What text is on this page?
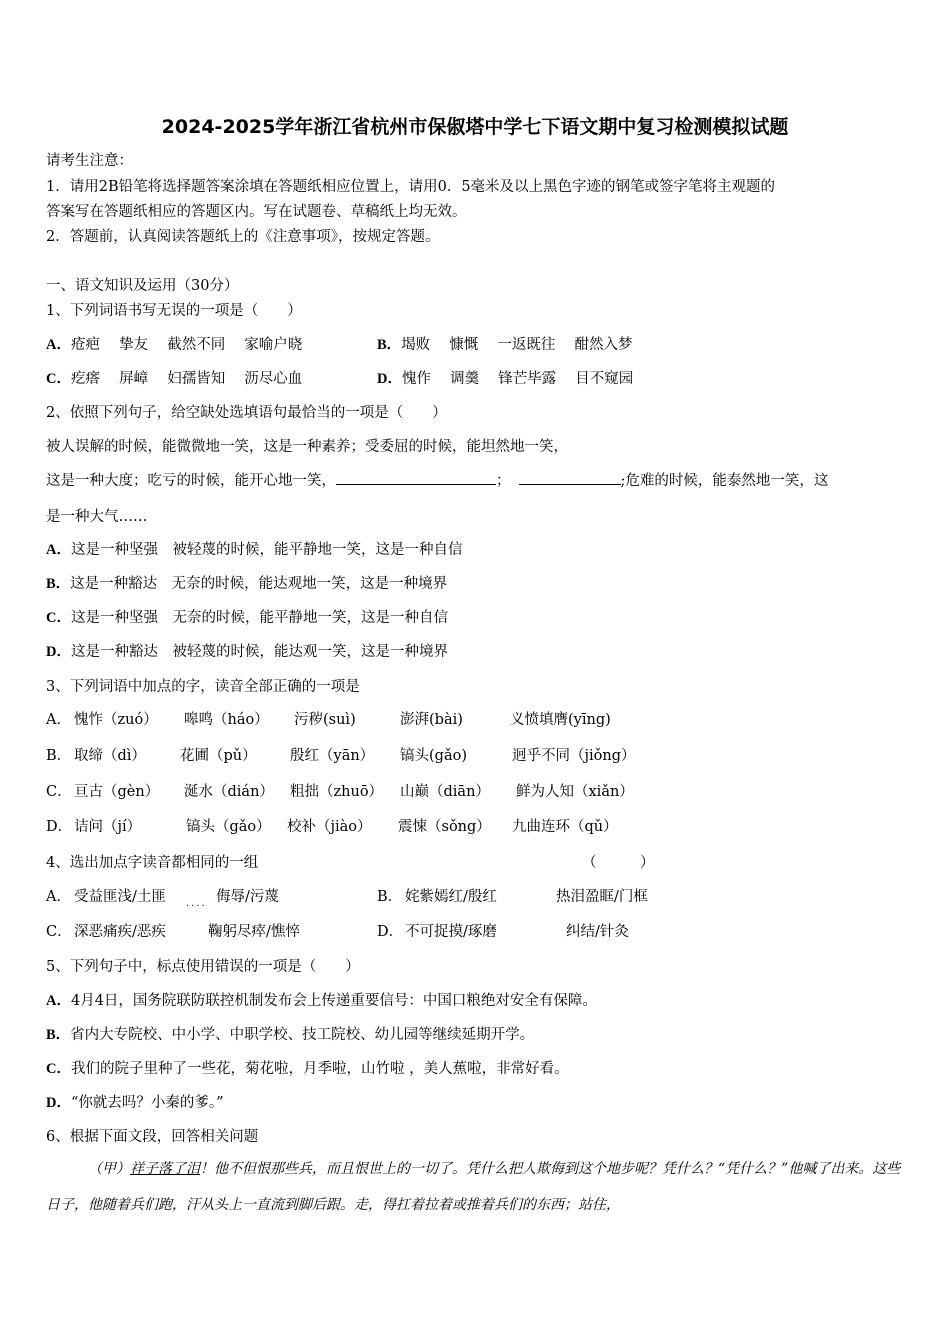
2024-2025学年浙江省杭州市保俶塔中学七下语文期中复习检测模拟试题
请考生注意：
1．请用2B铅笔将选择题答案涂填在答题纸相应位置上，请用0．5毫米及以上黑色字迹的钢笔或签字笔将主观题的
答案写在答题纸相应的答题区内。写在试题卷、草稿纸上均无效。
2．答题前，认真阅读答题纸上的《注意事项》，按规定答题。
一、语文知识及运用（30分）
1、下列词语书写无误的一项是（　　）
A．疮疤　 挚友　 截然不同　 家喻户晓	B．堨败　 慷慨　 一返既往　 酣然入梦
C．疙瘩　 屏嶂　 妇孺皆知　 沥尽心血	D．愧作　 调羹　 锋芒毕露　 目不窥园
2、依照下列句子，给空缺处选填语句最恰当的一项是（　　）
被人误解的时候，能微微地一笑，这是一种素养；受委屈的时候，能坦然地一笑，
这是一种大度；吃亏的时候，能开心地一笑，	；	;危难的时候，能泰然地一笑，这
是一种大气……
A．这是一种坚强　被轻蔑的时候，能平静地一笑，这是一种自信
B．这是一种豁达　无奈的时候，能达观地一笑，这是一种境界
C．这是一种坚强　无奈的时候，能平静地一笑，这是一种自信
D．这是一种豁达　被轻蔑的时候，能达观一笑，这是一种境界
3、下列词语中加点的字，读音全部正确的一项是
A． 愧怍（zuó） 嗥鸣（háo） 污秽(suì)	澎湃(bài)	义愤填膺(yīng)
B． 取缔（dì） 花圃（pǔ） 殷红（yān） 镐头(gǎo)	迥乎不同（jiǒng）
C． 亘古（gèn） 涎水（dián） 粗拙（zhuō） 山巅（diān） 鲜为人知（xiǎn）
D． 诘问（jí）	镐头（gǎo） 校补（jiào） 震悚（sǒng） 九曲连环（qǔ）
4、选出加点字读音都相同的一组	（　　　）
A． 受益匪浅/土匪 .... 侮辱/污蔑	B． 姹紫嫣红/殷红	热泪盈眶/门框
C． 深恶痛疾/恶疾	鞠躬尽瘁/憔悴	D． 不可捉摸/琢磨	纠结/针灸
5、下列句子中，标点使用错误的一项是（　　）
A．4月4日，国务院联防联控机制发布会上传递重要信号：中国口粮绝对安全有保障。
B．省内大专院校、中小学、中职学校、技工院校、幼儿园等继续延期开学。
C．我们的院子里种了一些花，菊花啦，月季啦，山竹啦 ，美人蕉啦，非常好看。
D．“你就去吗？小秦的爹。”
6、根据下面文段，回答相关问题
（甲）祥子落了泪！他不但恨那些兵，而且恨世上的一切了。凭什么把人欺侮到这个地步呢？凭什么？“凭什么？”他喊了出来。这些日子，他随着兵们跑，汗从头上一直流到脚后跟。走，得扛着拉着或推着兵们的东西；站住，
